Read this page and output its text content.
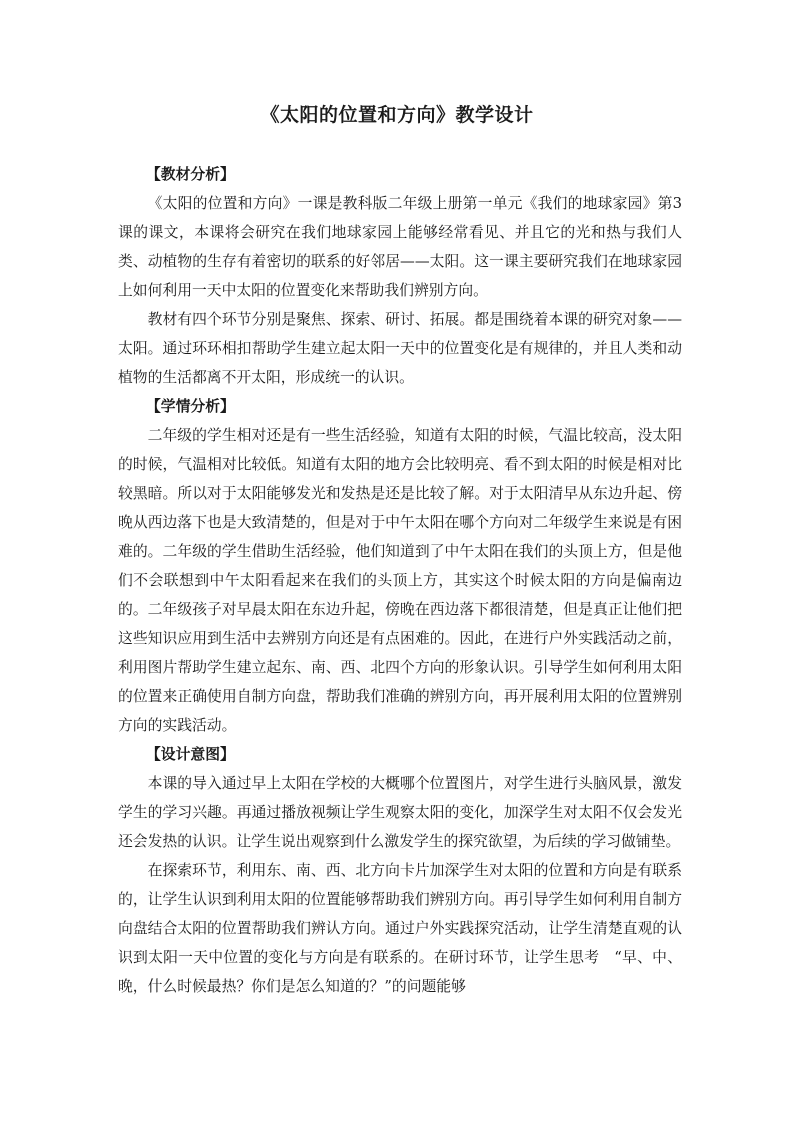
《太阳的位置和方向》教学设计

【教材分析】

《太阳的位置和方向》一课是教科版二年级上册第一单元《我们的地球家园》第3课的课文，本课将会研究在我们地球家园上能够经常看见、并且它的光和热与我们人类、动植物的生存有着密切的联系的好邻居——太阳。这一课主要研究我们在地球家园上如何利用一天中太阳的位置变化来帮助我们辨别方向。

教材有四个环节分别是聚焦、探索、研讨、拓展。都是围绕着本课的研究对象——太阳。通过环环相扣帮助学生建立起太阳一天中的位置变化是有规律的，并且人类和动植物的生活都离不开太阳，形成统一的认识。

【学情分析】

二年级的学生相对还是有一些生活经验，知道有太阳的时候，气温比较高，没太阳的时候，气温相对比较低。知道有太阳的地方会比较明亮、看不到太阳的时候是相对比较黑暗。所以对于太阳能够发光和发热是还是比较了解。对于太阳清早从东边升起、傍晚从西边落下也是大致清楚的，但是对于中午太阳在哪个方向对二年级学生来说是有困难的。二年级的学生借助生活经验，他们知道到了中午太阳在我们的头顶上方，但是他们不会联想到中午太阳看起来在我们的头顶上方，其实这个时候太阳的方向是偏南边的。二年级孩子对早晨太阳在东边升起，傍晚在西边落下都很清楚，但是真正让他们把这些知识应用到生活中去辨别方向还是有点困难的。因此，在进行户外实践活动之前，利用图片帮助学生建立起东、南、西、北四个方向的形象认识。引导学生如何利用太阳的位置来正确使用自制方向盘，帮助我们准确的辨别方向，再开展利用太阳的位置辨别方向的实践活动。

【设计意图】

本课的导入通过早上太阳在学校的大概哪个位置图片，对学生进行头脑风景，激发学生的学习兴趣。再通过播放视频让学生观察太阳的变化，加深学生对太阳不仅会发光还会发热的认识。让学生说出观察到什么激发学生的探究欲望，为后续的学习做铺垫。

在探索环节，利用东、南、西、北方向卡片加深学生对太阳的位置和方向是有联系的，让学生认识到利用太阳的位置能够帮助我们辨别方向。再引导学生如何利用自制方向盘结合太阳的位置帮助我们辨认方向。通过户外实践探究活动，让学生清楚直观的认识到太阳一天中位置的变化与方向是有联系的。在研讨环节，让学生思考　“早、中、晚，什么时候最热？你们是怎么知道的？”的问题能够
